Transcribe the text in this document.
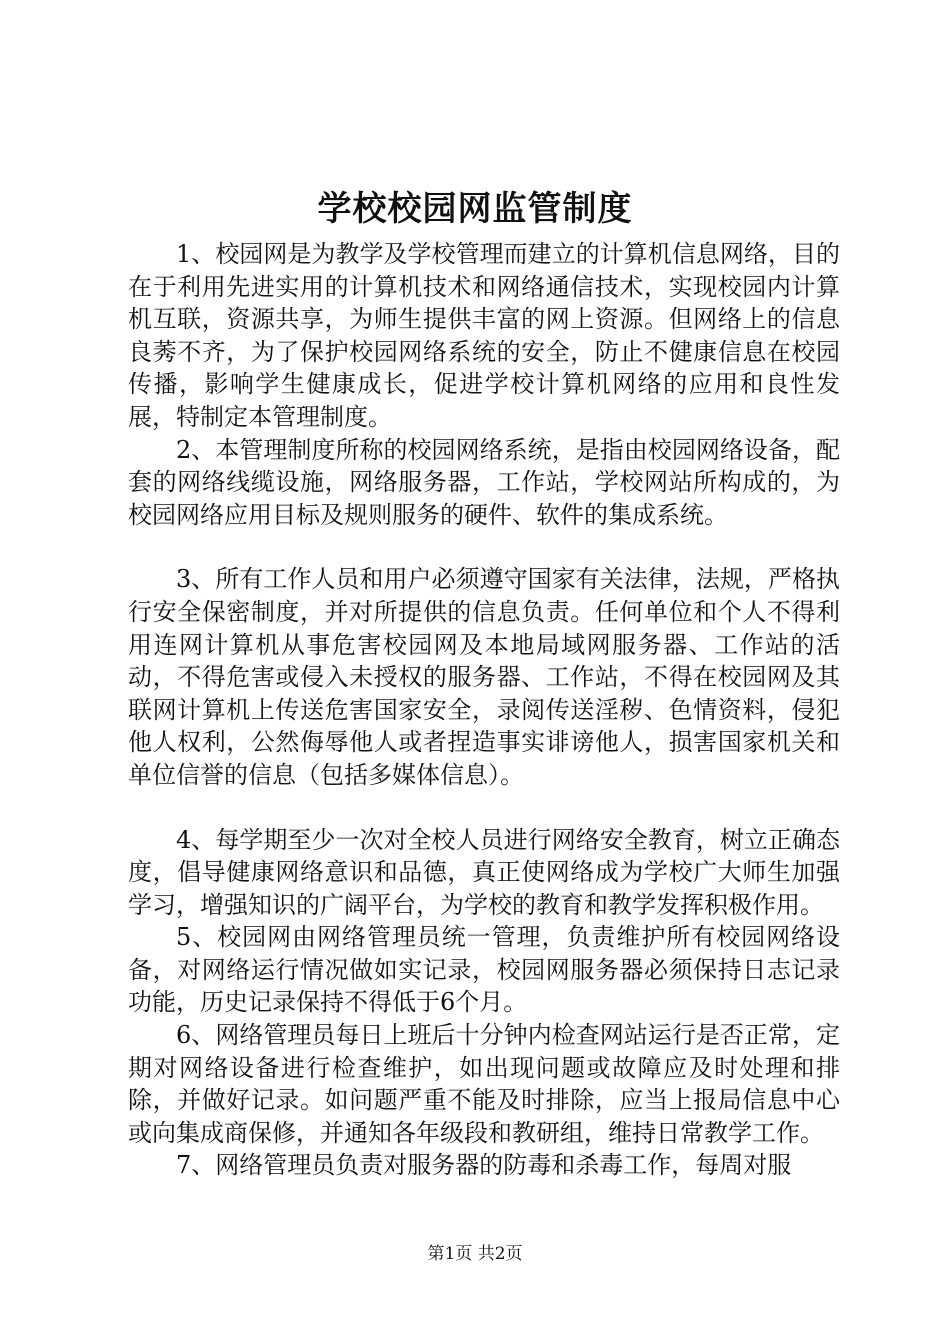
学校校园网监管制度

1、校园网是为教学及学校管理而建立的计算机信息网络，目的在于利用先进实用的计算机技术和网络通信技术，实现校园内计算机互联，资源共享，为师生提供丰富的网上资源。但网络上的信息良莠不齐，为了保护校园网络系统的安全，防止不健康信息在校园传播，影响学生健康成长，促进学校计算机网络的应用和良性发展，特制定本管理制度。

2、本管理制度所称的校园网络系统，是指由校园网络设备，配套的网络线缆设施，网络服务器，工作站，学校网站所构成的，为校园网络应用目标及规则服务的硬件、软件的集成系统。

3、所有工作人员和用户必须遵守国家有关法律，法规，严格执行安全保密制度，并对所提供的信息负责。任何单位和个人不得利用连网计算机从事危害校园网及本地局域网服务器、工作站的活动，不得危害或侵入未授权的服务器、工作站，不得在校园网及其联网计算机上传送危害国家安全，录阅传送淫秽、色情资料，侵犯他人权利，公然侮辱他人或者捏造事实诽谤他人，损害国家机关和单位信誉的信息（包括多媒体信息）。

4、每学期至少一次对全校人员进行网络安全教育，树立正确态度，倡导健康网络意识和品德，真正使网络成为学校广大师生加强学习，增强知识的广阔平台，为学校的教育和教学发挥积极作用。

5、校园网由网络管理员统一管理，负责维护所有校园网络设备，对网络运行情况做如实记录，校园网服务器必须保持日志记录功能，历史记录保持不得低于6个月。

6、网络管理员每日上班后十分钟内检查网站运行是否正常，定期对网络设备进行检查维护，如出现问题或故障应及时处理和排除，并做好记录。如问题严重不能及时排除，应当上报局信息中心或向集成商保修，并通知各年级段和教研组，维持日常教学工作。

7、网络管理员负责对服务器的防毒和杀毒工作，每周对服

第1页 共2页
